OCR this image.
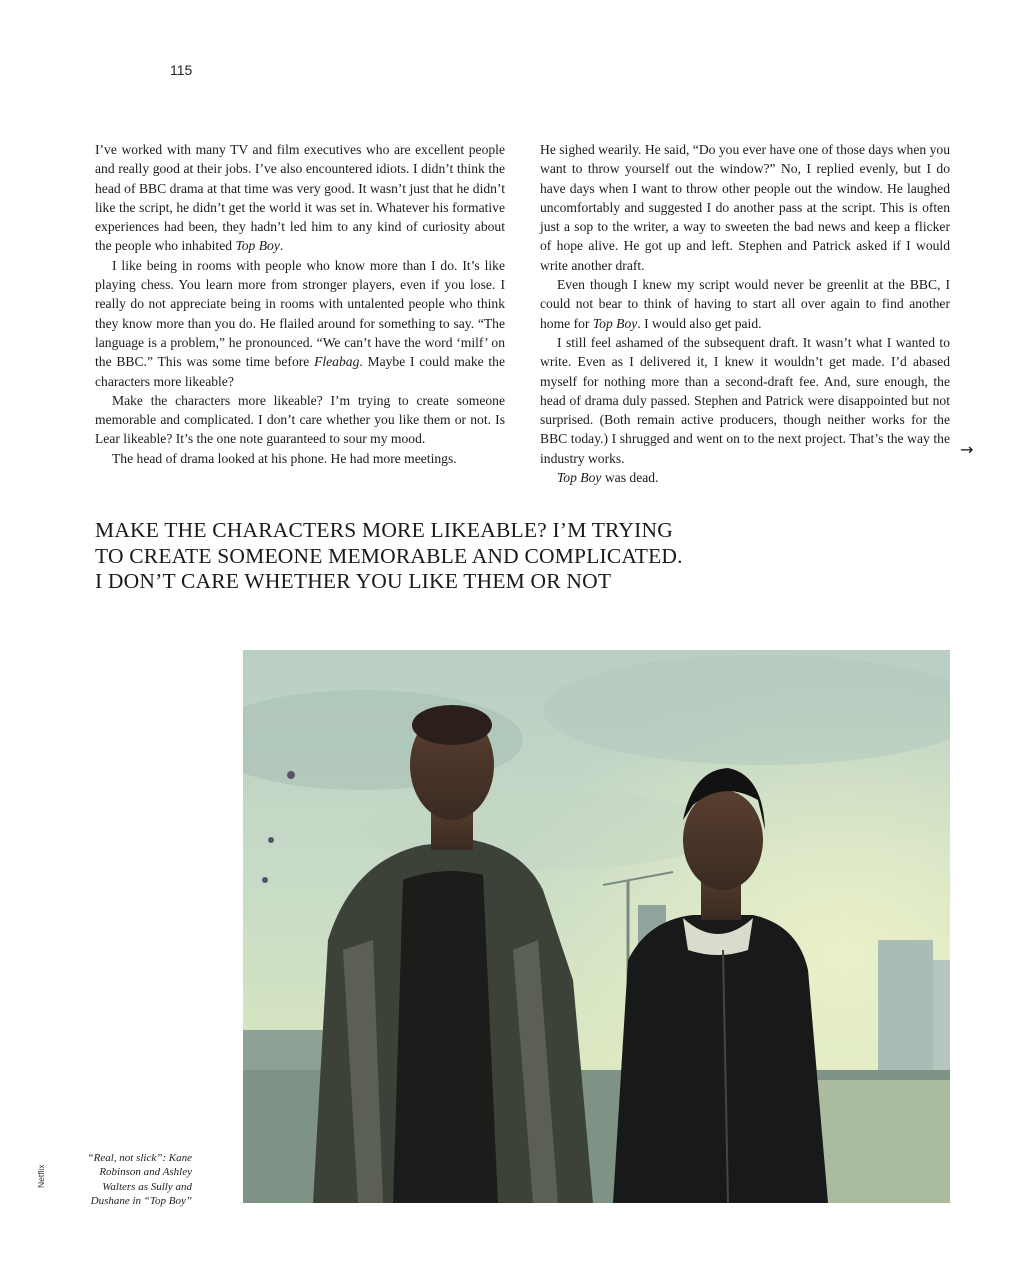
115

I’ve worked with many TV and film executives who are excellent people and really good at their jobs. I’ve also encountered idiots. I didn’t think the head of BBC drama at that time was very good. It wasn’t just that he didn’t like the script, he didn’t get the world it was set in. Whatever his formative experiences had been, they hadn’t led him to any kind of curiosity about the people who inhabited Top Boy.

I like being in rooms with people who know more than I do. It’s like playing chess. You learn more from stronger players, even if you lose. I really do not appreciate being in rooms with untalented people who think they know more than you do. He flailed around for something to say. “The language is a problem,” he pronounced. “We can’t have the word ‘milf’ on the BBC.” This was some time before Fleabag. Maybe I could make the characters more likeable?

Make the characters more likeable? I’m trying to create someone memorable and complicated. I don’t care whether you like them or not. Is Lear likeable? It’s the one note guaranteed to sour my mood.

The head of drama looked at his phone. He had more meetings.

He sighed wearily. He said, “Do you ever have one of those days when you want to throw yourself out the window?” No, I replied evenly, but I do have days when I want to throw other people out the window. He laughed uncomfortably and suggested I do another pass at the script. This is often just a sop to the writer, a way to sweeten the bad news and keep a flicker of hope alive. He got up and left. Stephen and Patrick asked if I would write another draft.

Even though I knew my script would never be greenlit at the BBC, I could not bear to think of having to start all over again to find another home for Top Boy. I would also get paid.

I still feel ashamed of the subsequent draft. It wasn’t what I wanted to write. Even as I delivered it, I knew it wouldn’t get made. I’d abased myself for nothing more than a second-draft fee. And, sure enough, the head of drama duly passed. Stephen and Patrick were disappointed but not surprised. (Both remain active producers, though neither works for the BBC today.) I shrugged and went on to the next project. That’s the way the industry works.

Top Boy was dead.

→
MAKE THE CHARACTERS MORE LIKEABLE? I’M TRYING
TO CREATE SOMEONE MEMORABLE AND COMPLICATED.
I DON’T CARE WHETHER YOU LIKE THEM OR NOT
“Real, not slick”: Kane Robinson and Ashley Walters as Sully and Dushane in “Top Boy”
Netflix
